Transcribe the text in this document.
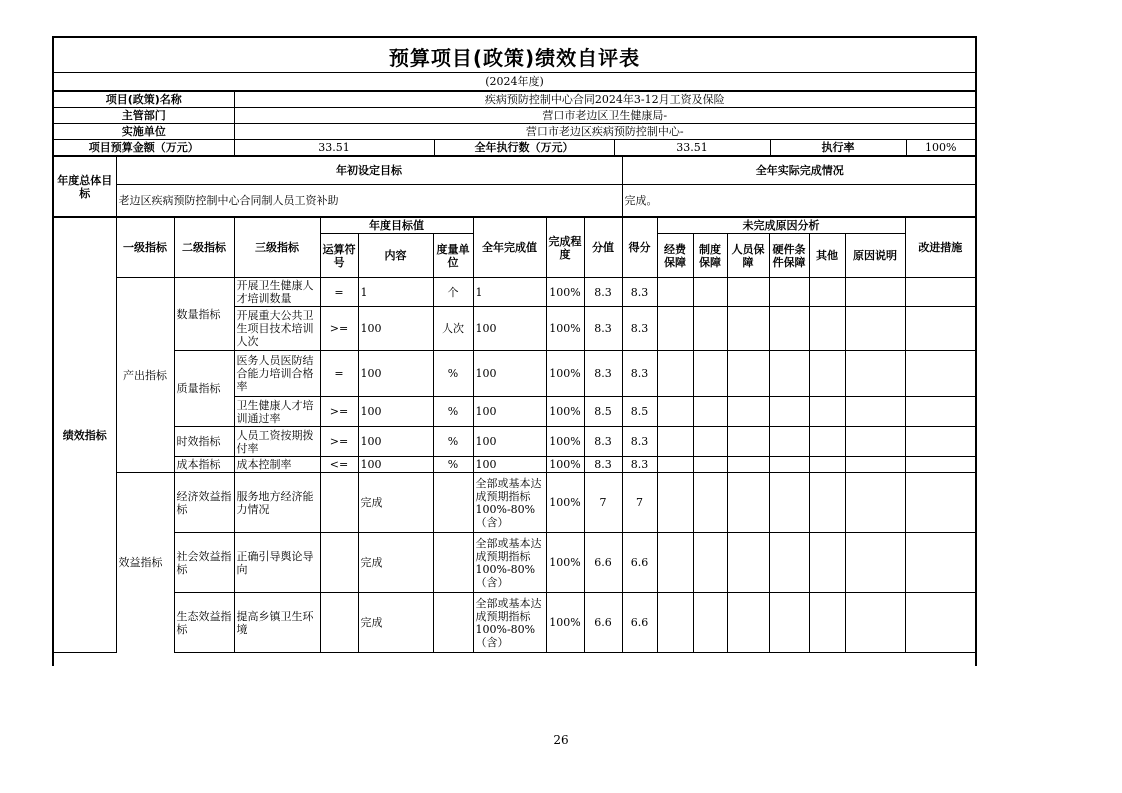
预算项目(政策)绩效自评表
(2024年度)
项目(政策)名称	疾病预防控制中心合同2024年3-12月工资及保险				
主管部门	营口市老边区卫生健康局-				
实施单位	营口市老边区疾病预防控制中心-				
项目预算金额（万元）	33.51	全年执行数（万元）	33.51	执行率	100%
年度总体目标	年初设定目标	全年实际完成情况
	老边区疾病预防控制中心合同制人员工资补助	完成。
绩效指标	一级指标	二级指标	三级指标	年度目标值			全年完成值	完成程度	分值	得分	未完成原因分析						改进措施
				运算符号	内容	度量单位					经费保障	制度保障	人员保障	硬件条件保障	其他	原因说明	
	产出指标	数量指标	开展卫生健康人才培训数量	=	1	个	1	100%	8.3	8.3							
			开展重大公共卫生项目技术培训人次	>=	100	人次	100	100%	8.3	8.3							
		质量指标	医务人员医防结合能力培训合格率	=	100	%	100	100%	8.3	8.3							
			卫生健康人才培训通过率	>=	100	%	100	100%	8.5	8.5							
		时效指标	人员工资按期拨付率	>=	100	%	100	100%	8.3	8.3							
		成本指标	成本控制率	<=	100	%	100	100%	8.3	8.3							
	效益指标	经济效益指标	服务地方经济能力情况		完成		全部或基本达成预期指标100%-80%（含）	100%	7	7							
		社会效益指标	正确引导舆论导向		完成		全部或基本达成预期指标100%-80%（含）	100%	6.6	6.6							
		生态效益指标	提高乡镇卫生环境		完成		全部或基本达成预期指标100%-80%（含）	100%	6.6	6.6							
26
